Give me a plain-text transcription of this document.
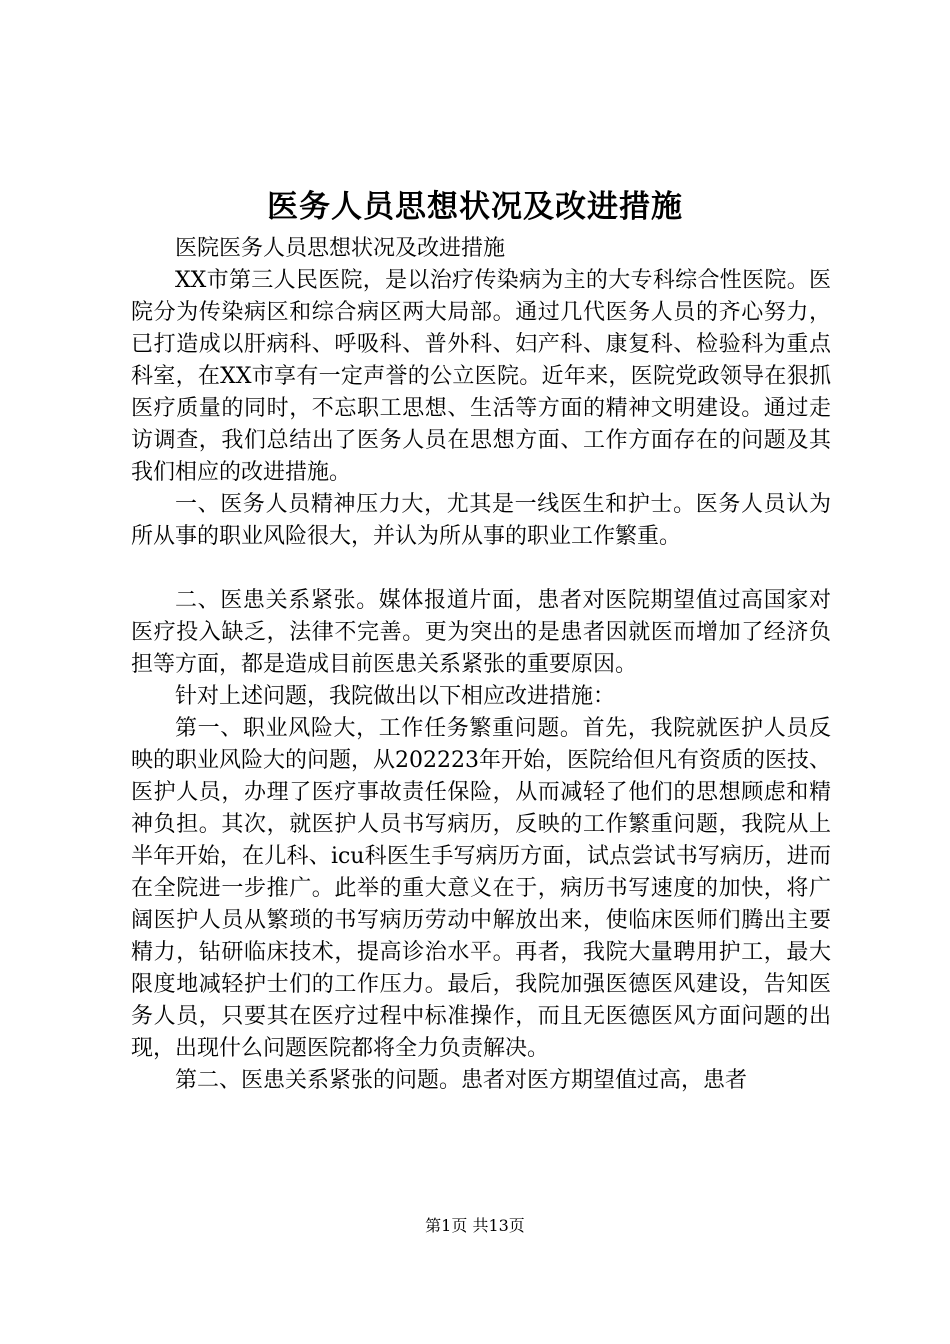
医务人员思想状况及改进措施

医院医务人员思想状况及改进措施

XX市第三人民医院，是以治疗传染病为主的大专科综合性医院。医院分为传染病区和综合病区两大局部。通过几代医务人员的齐心努力，已打造成以肝病科、呼吸科、普外科、妇产科、康复科、检验科为重点科室，在XX市享有一定声誉的公立医院。近年来，医院党政领导在狠抓医疗质量的同时，不忘职工思想、生活等方面的精神文明建设。通过走访调查，我们总结出了医务人员在思想方面、工作方面存在的问题及其我们相应的改进措施。

一、医务人员精神压力大，尤其是一线医生和护士。医务人员认为所从事的职业风险很大，并认为所从事的职业工作繁重。

二、医患关系紧张。媒体报道片面，患者对医院期望值过高国家对医疗投入缺乏，法律不完善。更为突出的是患者因就医而增加了经济负担等方面，都是造成目前医患关系紧张的重要原因。

针对上述问题，我院做出以下相应改进措施：

第一、职业风险大，工作任务繁重问题。首先，我院就医护人员反映的职业风险大的问题，从202223年开始，医院给但凡有资质的医技、医护人员，办理了医疗事故责任保险，从而减轻了他们的思想顾虑和精神负担。其次，就医护人员书写病历，反映的工作繁重问题，我院从上半年开始，在儿科、icu科医生手写病历方面，试点尝试书写病历，进而在全院进一步推广。此举的重大意义在于，病历书写速度的加快，将广阔医护人员从繁琐的书写病历劳动中解放出来，使临床医师们腾出主要精力，钻研临床技术，提高诊治水平。再者，我院大量聘用护工，最大限度地减轻护士们的工作压力。最后，我院加强医德医风建设，告知医务人员，只要其在医疗过程中标准操作，而且无医德医风方面问题的出现，出现什么问题医院都将全力负责解决。

第二、医患关系紧张的问题。患者对医方期望值过高，患者

第1页 共13页
